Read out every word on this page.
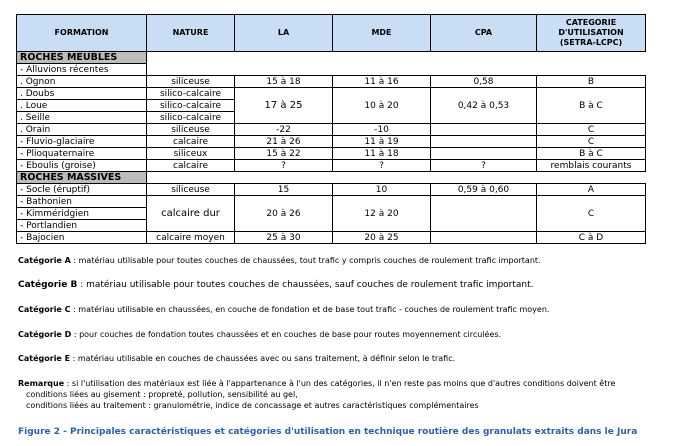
FORMATION	NATURE	LA	MDE	CPA	CATEGORIE
D'UTILISATION
(SETRA-LCPC)
ROCHES MEUBLES					
- Alluvions récentes					
. Ognon	siliceuse	15 à 18	11 à 16	0,58	B
. Doubs	silico-calcaire	17 à 25	10 à 20	0,42 à 0,53	B à C
. Loue	silico-calcaire				
. Seille	silico-calcaire				
. Orain	siliceuse	-22	-10		C
- Fluvio-glaciaire	calcaire	21 à 26	11 à 19		C
- Plioquaternaire	siliceux	15 à 22	11 à 18		B à C
- Eboulis (groise)	calcaire	?	?	?	remblais courants
ROCHES MASSIVES					
- Socle (éruptif)	siliceuse	15	10	0,59 à 0,60	A
- Bathonien	calcaire dur	20 à 26	12 à 20		C
- Kimméridgien					
- Portlandien					
- Bajocien	calcaire moyen	25 à 30	20 à 25		C à D
Catégorie A : matériau utilisable pour toutes couches de chaussées, tout trafic y compris couches de roulement trafic important.
Catégorie B : matériau utilisable pour toutes couches de chaussées, sauf couches de roulement trafic important.
Catégorie C : matériau utilisable en chaussées, en couche de fondation et de base tout trafic - couches de roulement trafic moyen.
Catégorie D : pour couches de fondation toutes chaussées et en couches de base pour routes moyennement circulées.
Catégorie E : matériau utilisable en couches de chaussées avec ou sans traitement, à définir selon le trafic.
Remarque : si l'utilisation des matériaux est liée à l'appartenance à l'un des catégories, il n'en reste pas moins que d'autres conditions doivent être
conditions liées au gisement : propreté, pollution, sensibilité au gel,
conditions liées au traitement : granulométrie, indice de concassage et autres caractéristiques complémentaires
Figure 2 - Principales caractéristiques et catégories d'utilisation en technique routière des granulats extraits dans le Jura
